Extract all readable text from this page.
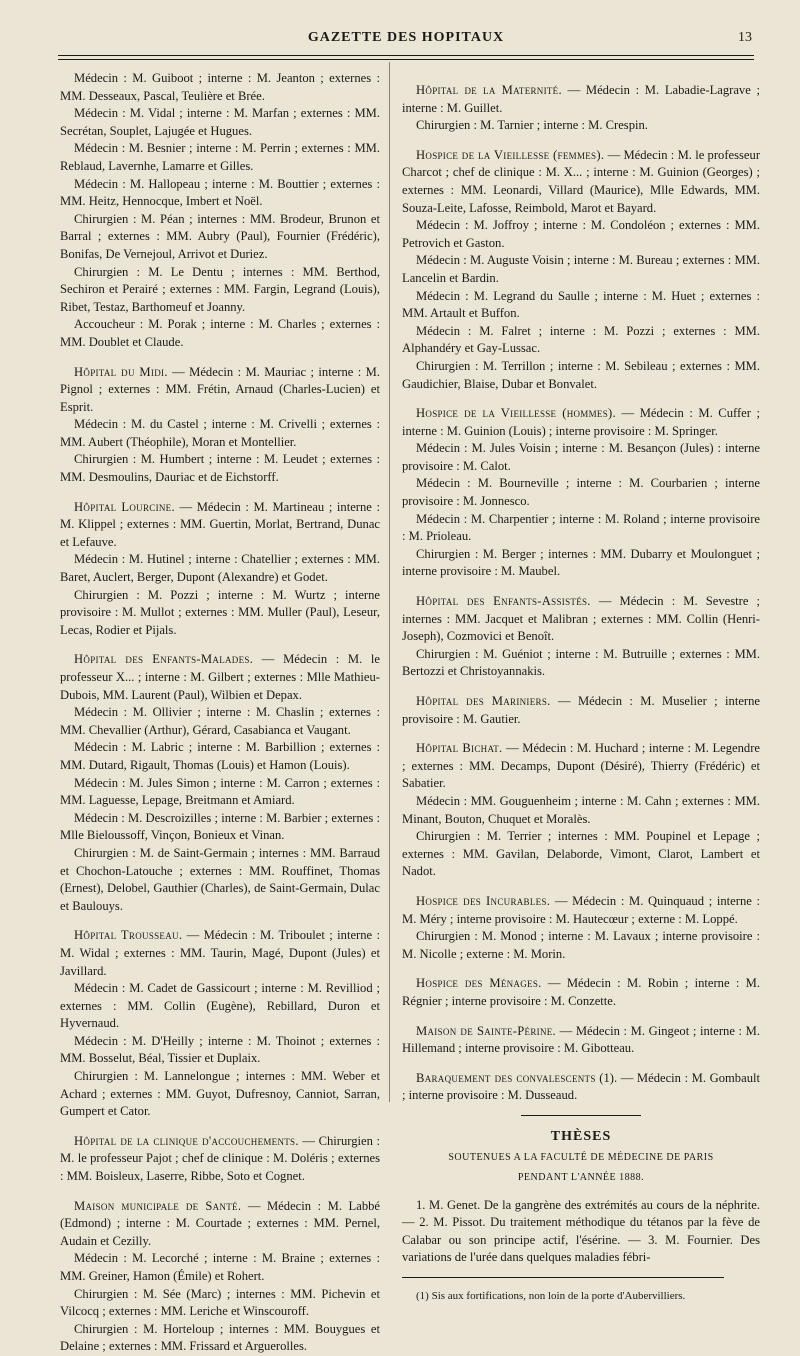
GAZETTE DES HOPITAUX	13

Médecin : M. Guiboot ; interne : M. Jeanton ; externes : MM. Desseaux, Pascal, Teulière et Brée.

Médecin : M. Vidal ; interne : M. Marfan ; externes : MM. Secrétan, Souplet, Lajugée et Hugues.

Médecin : M. Besnier ; interne : M. Perrin ; externes : MM. Reblaud, Lavernhe, Lamarre et Gilles.

Médecin : M. Hallopeau ; interne : M. Bouttier ; externes : MM. Heitz, Hennocque, Imbert et Noël.

Chirurgien : M. Péan ; internes : MM. Brodeur, Brunon et Barral ; externes : MM. Aubry (Paul), Fournier (Frédéric), Bonifas, De Vernejoul, Arrivot et Duriez.

Chirurgien : M. Le Dentu ; internes : MM. Berthod, Sechiron et Perairé ; externes : MM. Fargin, Legrand (Louis), Ribet, Testaz, Barthomeuf et Joanny.

Accoucheur : M. Porak ; interne : M. Charles ; externes : MM. Doublet et Claude.

Hôpital du Midi. — Médecin : M. Mauriac ; interne : M. Pignol ; externes : MM. Frétin, Arnaud (Charles-Lucien) et Esprit.

Médecin : M. du Castel ; interne : M. Crivelli ; externes : MM. Aubert (Théophile), Moran et Montellier.

Chirurgien : M. Humbert ; interne : M. Leudet ; externes : MM. Desmoulins, Dauriac et de Eichstorff.

Hôpital Lourcine. — Médecin : M. Martineau ; interne : M. Klippel ; externes : MM. Guertin, Morlat, Bertrand, Dunac et Lefauve.

Médecin : M. Hutinel ; interne : Chatellier ; externes : MM. Baret, Auclert, Berger, Dupont (Alexandre) et Godet.

Chirurgien : M. Pozzi ; interne : M. Wurtz ; interne provisoire : M. Mullot ; externes : MM. Muller (Paul), Leseur, Lecas, Rodier et Pijals.

Hôpital des Enfants-Malades. — Médecin : M. le professeur X... ; interne : M. Gilbert ; externes : Mlle Mathieu-Dubois, MM. Laurent (Paul), Wilbien et Depax.

Médecin : M. Ollivier ; interne : M. Chaslin ; externes : MM. Chevallier (Arthur), Gérard, Casabianca et Vaugant.

Médecin : M. Labric ; interne : M. Barbillion ; externes : MM. Dutard, Rigault, Thomas (Louis) et Hamon (Louis).

Médecin : M. Jules Simon ; interne : M. Carron ; externes : MM. Laguesse, Lepage, Breitmann et Amiard.

Médecin : M. Descroizilles ; interne : M. Barbier ; externes : Mlle Bieloussoff, Vinçon, Bonieux et Vinan.

Chirurgien : M. de Saint-Germain ; internes : MM. Barraud et Chochon-Latouche ; externes : MM. Rouffinet, Thomas (Ernest), Delobel, Gauthier (Charles), de Saint-Germain, Dulac et Baulouys.

Hôpital Trousseau. — Médecin : M. Triboulet ; interne : M. Widal ; externes : MM. Taurin, Magé, Dupont (Jules) et Javillard.

Médecin : M. Cadet de Gassicourt ; interne : M. Revilliod ; externes : MM. Collin (Eugène), Rebillard, Duron et Hyvernaud.

Médecin : M. D'Heilly ; interne : M. Thoinot ; externes : MM. Bosselut, Béal, Tissier et Duplaix.

Chirurgien : M. Lannelongue ; internes : MM. Weber et Achard ; externes : MM. Guyot, Dufresnoy, Canniot, Sarran, Gumpert et Cator.

Hôpital de la clinique d'accouchements. — Chirurgien : M. le professeur Pajot ; chef de clinique : M. Doléris ; externes : MM. Boisleux, Laserre, Ribbe, Soto et Cognet.

Maison municipale de Santé. — Médecin : M. Labbé (Edmond) ; interne : M. Courtade ; externes : MM. Pernel, Audain et Cezilly.

Médecin : M. Lecorché ; interne : M. Braine ; externes : MM. Greiner, Hamon (Émile) et Rohert.

Chirurgien : M. Sée (Marc) ; internes : MM. Pichevin et Vilcocq ; externes : MM. Leriche et Winscouroff.

Chirurgien : M. Horteloup ; internes : MM. Bouygues et Delaine ; externes : MM. Frissard et Arguerolles.

Hôpital de la Maternité. — Médecin : M. Labadie-Lagrave ; interne : M. Guillet.

Chirurgien : M. Tarnier ; interne : M. Crespin.

Hospice de la Vieillesse (femmes). — Médecin : M. le professeur Charcot ; chef de clinique : M. X... ; interne : M. Guinion (Georges) ; externes : MM. Leonardi, Villard (Maurice), Mlle Edwards, MM. Souza-Leite, Lafosse, Reimbold, Marot et Bayard.

Médecin : M. Joffroy ; interne : M. Condoléon ; externes : MM. Petrovich et Gaston.

Médecin : M. Auguste Voisin ; interne : M. Bureau ; externes : MM. Lancelin et Bardin.

Médecin : M. Legrand du Saulle ; interne : M. Huet ; externes : MM. Artault et Buffon.

Médecin : M. Falret ; interne : M. Pozzi ; externes : MM. Alphandéry et Gay-Lussac.

Chirurgien : M. Terrillon ; interne : M. Sebileau ; externes : MM. Gaudichier, Blaise, Dubar et Bonvalet.

Hospice de la Vieillesse (hommes). — Médecin : M. Cuffer ; interne : M. Guinion (Louis) ; interne provisoire : M. Springer.

Médecin : M. Jules Voisin ; interne : M. Besançon (Jules) : interne provisoire : M. Calot.

Médecin : M. Bourneville ; interne : M. Courbarien ; interne provisoire : M. Jonnesco.

Médecin : M. Charpentier ; interne : M. Roland ; interne provisoire : M. Prioleau.

Chirurgien : M. Berger ; internes : MM. Dubarry et Moulonguet ; interne provisoire : M. Maubel.

Hôpital des Enfants-Assistés. — Médecin : M. Sevestre ; internes : MM. Jacquet et Malibran ; externes : MM. Collin (Henri-Joseph), Cozmovici et Benoît.

Chirurgien : M. Guéniot ; interne : M. Butruille ; externes : MM. Bertozzi et Christoyannakis.

Hôpital des Mariniers. — Médecin : M. Muselier ; interne provisoire : M. Gautier.

Hôpital Bichat. — Médecin : M. Huchard ; interne : M. Legendre ; externes : MM. Decamps, Dupont (Désiré), Thierry (Frédéric) et Sabatier.

Médecin : MM. Gouguenheim ; interne : M. Cahn ; externes : MM. Minant, Bouton, Chuquet et Moralès.

Chirurgien : M. Terrier ; internes : MM. Poupinel et Lepage ; externes : MM. Gavilan, Delaborde, Vimont, Clarot, Lambert et Nadot.

Hospice des Incurables. — Médecin : M. Quinquaud ; interne : M. Méry ; interne provisoire : M. Hautecœur ; externe : M. Loppé.

Chirurgien : M. Monod ; interne : M. Lavaux ; interne provisoire : M. Nicolle ; externe : M. Morin.

Hospice des Ménages. — Médecin : M. Robin ; interne : M. Régnier ; interne provisoire : M. Conzette.

Maison de Sainte-Périne. — Médecin : M. Gingeot ; interne : M. Hillemand ; interne provisoire : M. Gibotteau.

Baraquement des convalescents (1). — Médecin : M. Gombault ; interne provisoire : M. Dusseaud.

THÈSES
SOUTENUES A LA FACULTÉ DE MÉDECINE DE PARIS
PENDANT L'ANNÉE 1888.

1. M. Genet. De la gangrène des extrémités au cours de la néphrite. — 2. M. Pissot. Du traitement méthodique du tétanos par la fève de Calabar ou son principe actif, l'ésérine. — 3. M. Fournier. Des variations de l'urée dans quelques maladies fébri-

(1) Sis aux fortifications, non loin de la porte d'Aubervilliers.
